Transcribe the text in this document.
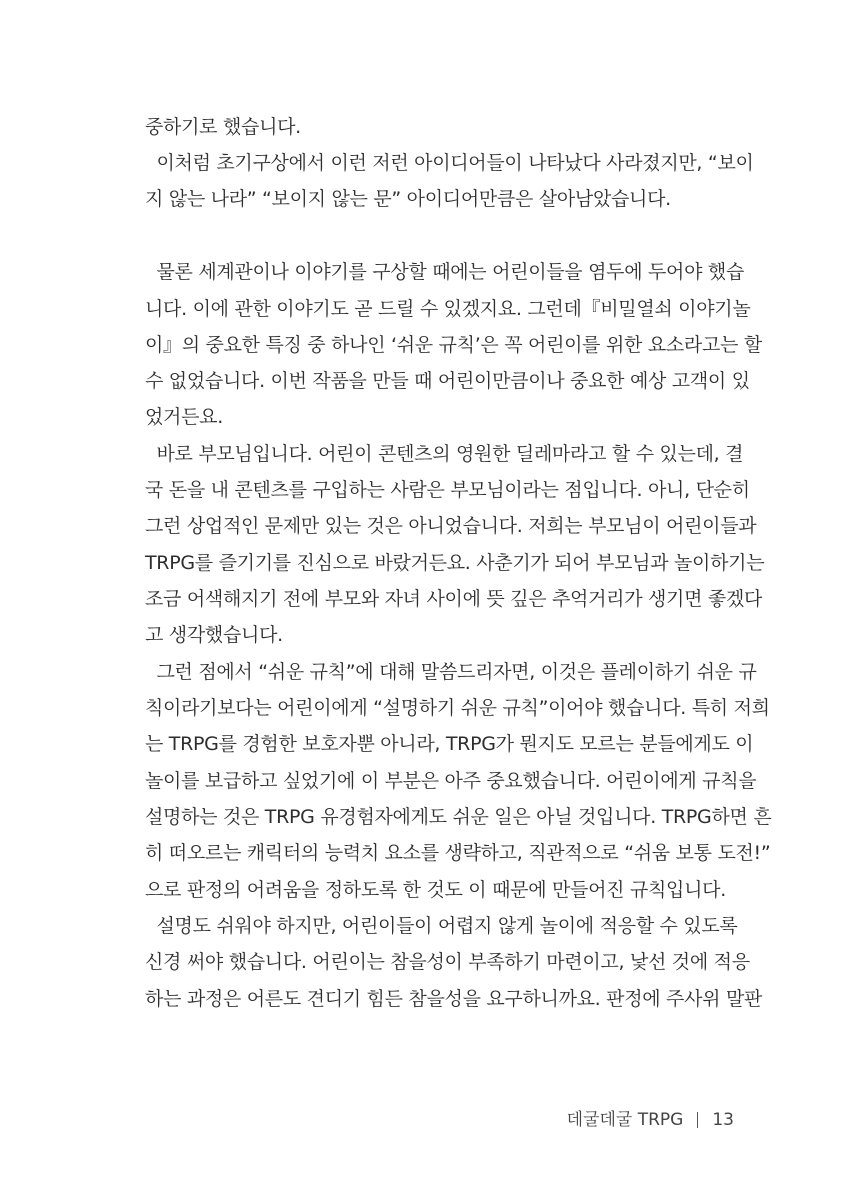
중하기로 했습니다.
이처럼 초기구상에서 이런 저런 아이디어들이 나타났다 사라졌지만, “보이
지 않는 나라” “보이지 않는 문” 아이디어만큼은 살아남았습니다.
물론 세계관이나 이야기를 구상할 때에는 어린이들을 염두에 두어야 했습
니다. 이에 관한 이야기도 곧 드릴 수 있겠지요. 그런데『비밀열쇠 이야기놀
이』의 중요한 특징 중 하나인 ‘쉬운 규칙’은 꼭 어린이를 위한 요소라고는 할
수 없었습니다. 이번 작품을 만들 때 어린이만큼이나 중요한 예상 고객이 있
었거든요.
바로 부모님입니다. 어린이 콘텐츠의 영원한 딜레마라고 할 수 있는데, 결
국 돈을 내 콘텐츠를 구입하는 사람은 부모님이라는 점입니다. 아니, 단순히
그런 상업적인 문제만 있는 것은 아니었습니다. 저희는 부모님이 어린이들과
TRPG를 즐기기를 진심으로 바랐거든요. 사춘기가 되어 부모님과 놀이하기는
조금 어색해지기 전에 부모와 자녀 사이에 뜻 깊은 추억거리가 생기면 좋겠다
고 생각했습니다.
그런 점에서 “쉬운 규칙”에 대해 말씀드리자면, 이것은 플레이하기 쉬운 규
칙이라기보다는 어린이에게 “설명하기 쉬운 규칙”이어야 했습니다. 특히 저희
는 TRPG를 경험한 보호자뿐 아니라, TRPG가 뭔지도 모르는 분들에게도 이
놀이를 보급하고 싶었기에 이 부분은 아주 중요했습니다. 어린이에게 규칙을
설명하는 것은 TRPG 유경험자에게도 쉬운 일은 아닐 것입니다. TRPG하면 흔
히 떠오르는 캐릭터의 능력치 요소를 생략하고, 직관적으로 “쉬움 보통 도전!”
으로 판정의 어려움을 정하도록 한 것도 이 때문에 만들어진 규칙입니다.
설명도 쉬워야 하지만, 어린이들이 어렵지 않게 놀이에 적응할 수 있도록
신경 써야 했습니다. 어린이는 참을성이 부족하기 마련이고, 낯선 것에 적응
하는 과정은 어른도 견디기 힘든 참을성을 요구하니까요. 판정에 주사위 말판
데굴데굴 TRPG 13
